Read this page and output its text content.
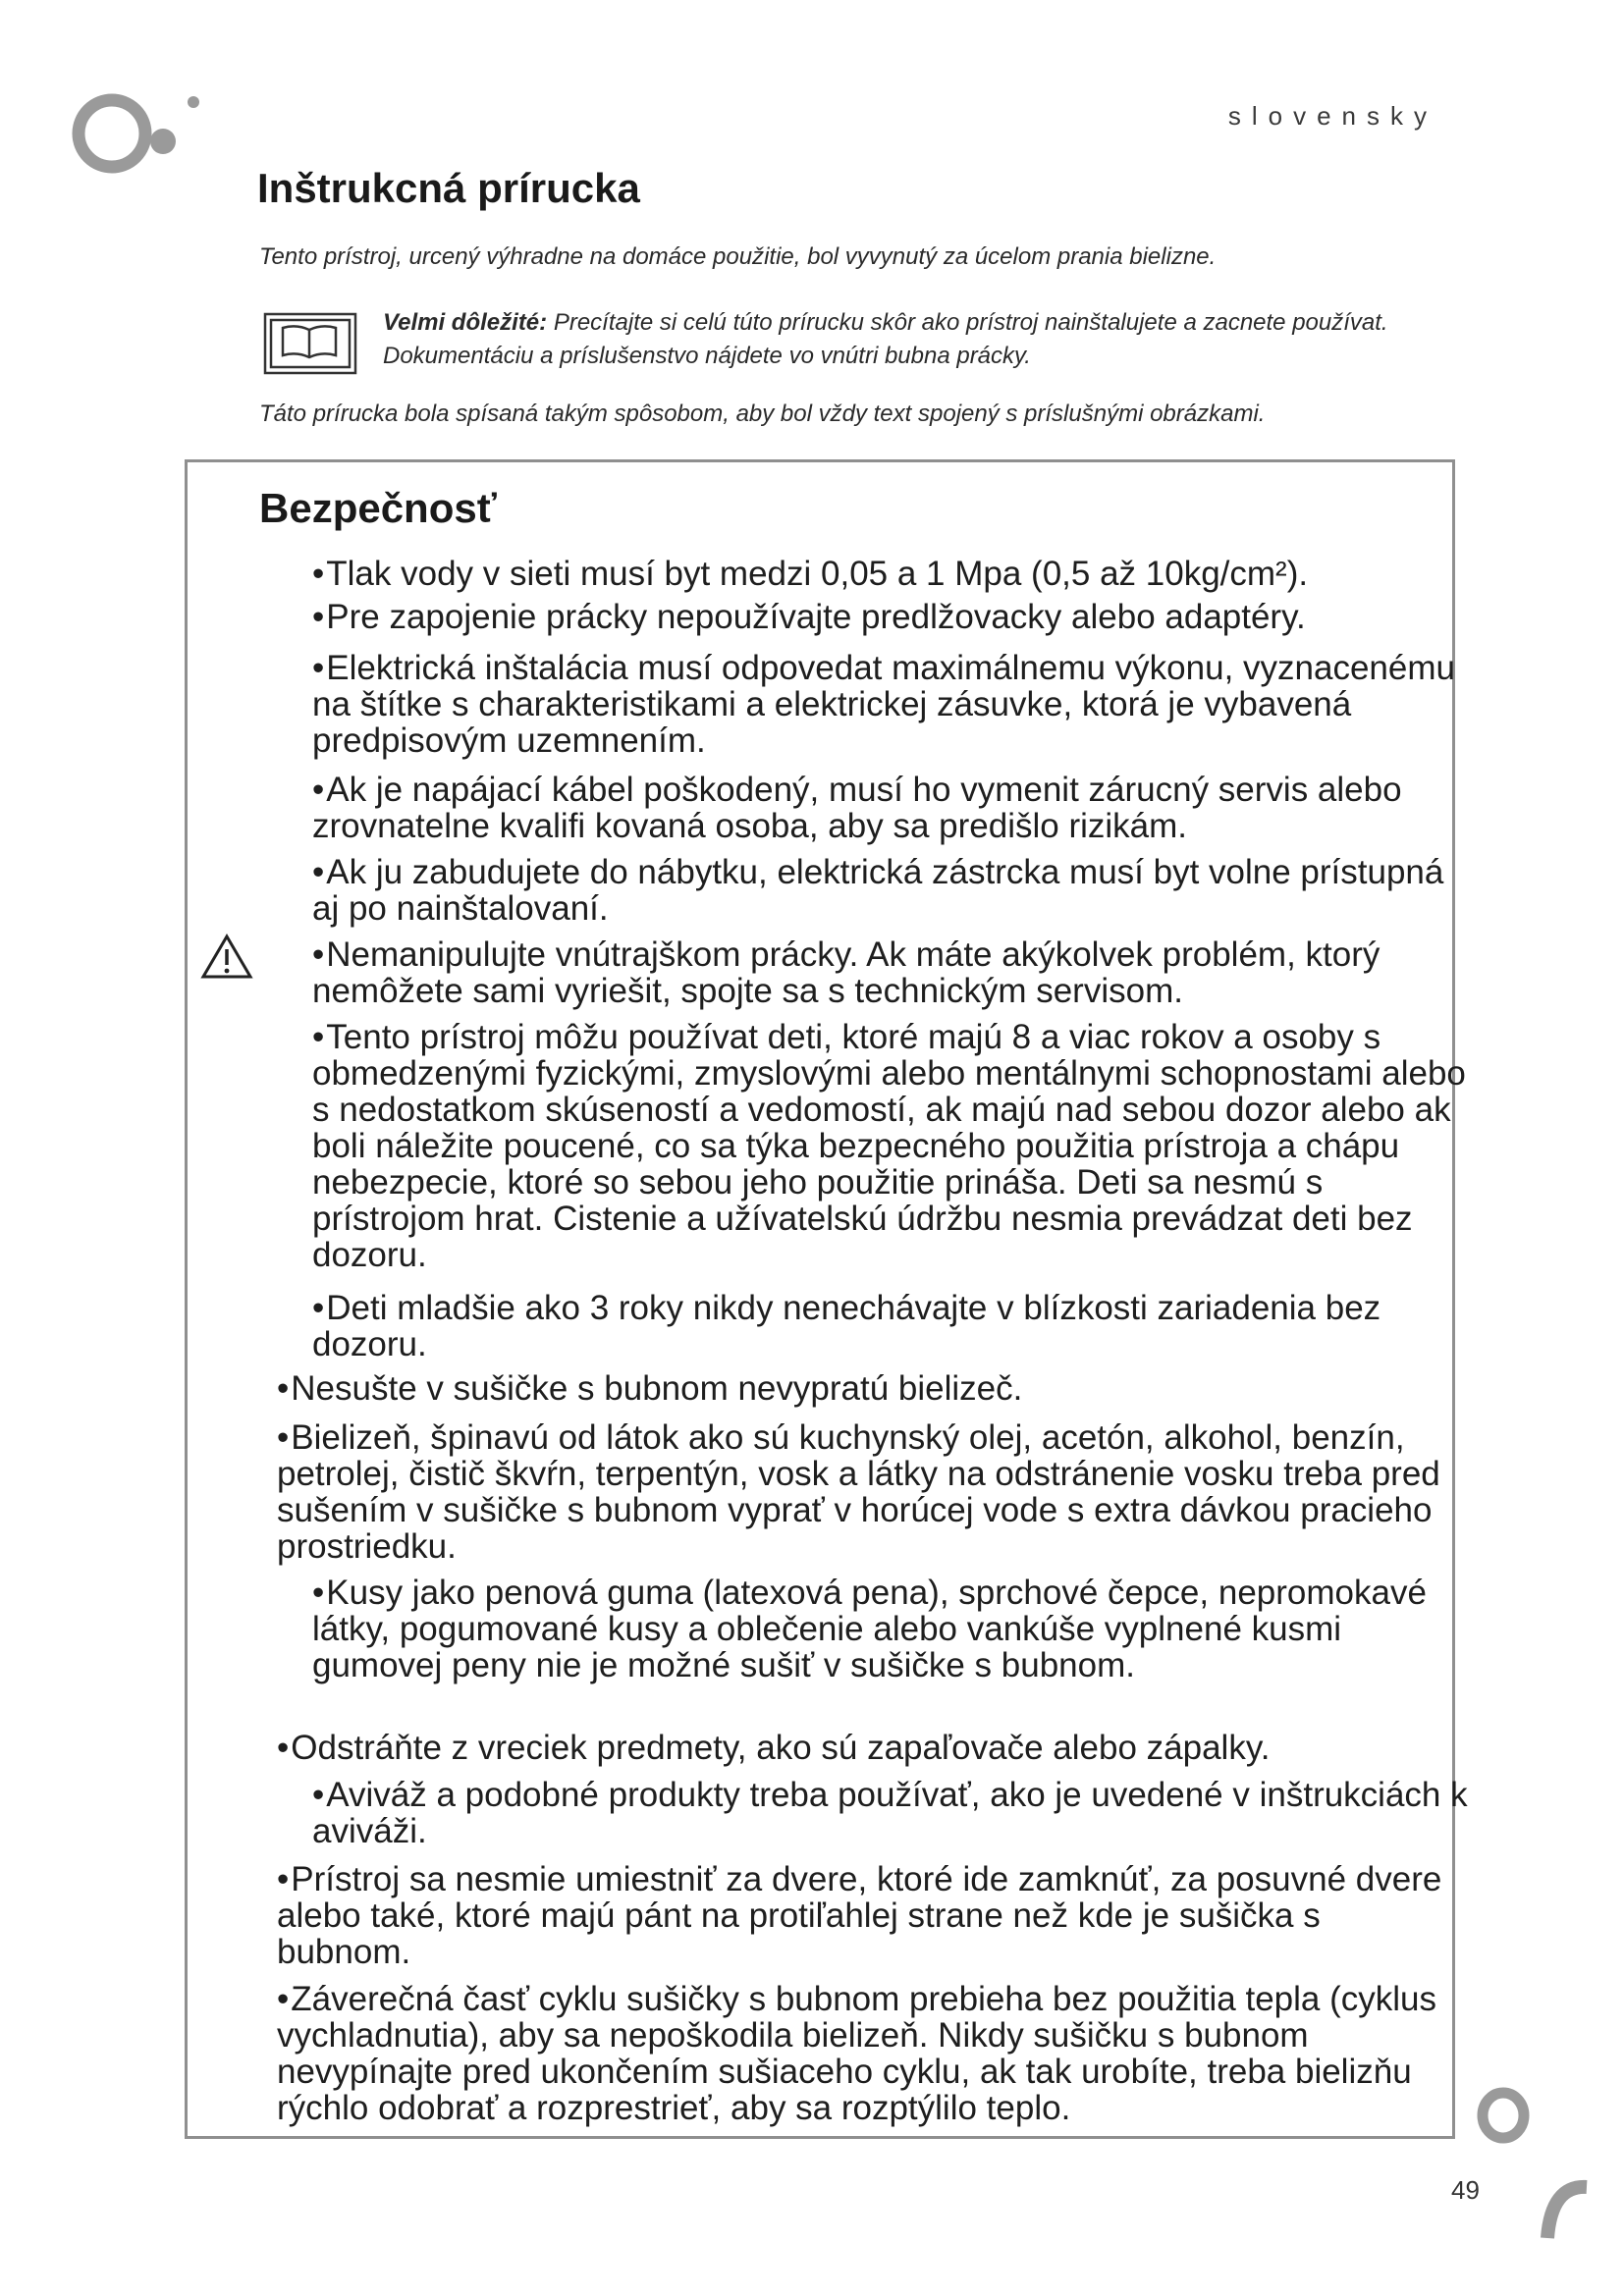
slovensky
Inštrukcná prírucka
Tento prístroj, urcený výhradne na domáce použitie, bol vyvynutý za úcelom prania bielizne.
Velmi dôležité: Precítajte si celú túto prírucku skôr ako prístroj nainštalujete a zacnete používat. Dokumentáciu a príslušenstvo nájdete vo vnútri bubna prácky.
Táto prírucka bola spísaná takým spôsobom, aby bol vždy text spojený s príslušnými obrázkami.
Bezpečnosť

•Tlak vody v sieti musí byt medzi 0,05 a 1 Mpa (0,5 až 10kg/cm²).

•Pre zapojenie prácky nepoužívajte predlžovacky alebo adaptéry.

•Elektrická inštalácia musí odpovedat maximálnemu výkonu, vyznacenému na štítke s charakteristikami a elektrickej zásuvke, ktorá je vybavená predpisovým uzemnením.

•Ak je napájací kábel poškodený, musí ho vymenit zárucný servis alebo zrovnatelne kvalifi kovaná osoba, aby sa predišlo rizikám.

•Ak ju zabudujete do nábytku, elektrická zástrcka musí byt volne prístupná aj po nainštalovaní.

•Nemanipulujte vnútrajškom prácky. Ak máte akýkolvek problém, ktorý nemôžete sami vyriešit, spojte sa s technickým servisom.

•Tento prístroj môžu používat deti, ktoré majú 8 a viac rokov a osoby s obmedzenými fyzickými, zmyslovými alebo mentálnymi schopnostami alebo s nedostatkom skúseností a vedomostí, ak majú nad sebou dozor alebo ak boli náležite poucené, co sa týka bezpecného použitia prístroja a chápu nebezpecie, ktoré so sebou jeho použitie prináša. Deti sa nesmú s prístrojom hrat. Cistenie a užívatelskú údržbu nesmia prevádzat deti bez dozoru.

•Deti mladšie ako 3 roky nikdy nenechávajte v blízkosti zariadenia bez dozoru.

•Nesušte v sušičke s bubnom nevypratú bielizeč.

•Bielizeň, špinavú od látok ako sú kuchynský olej, acetón, alkohol, benzín, petrolej, čistič škvŕn, terpentýn, vosk a látky na odstránenie vosku treba pred sušením v sušičke s bubnom vyprať v horúcej vode s extra dávkou pracieho prostriedku.

•Kusy jako penová guma (latexová pena), sprchové čepce, nepromokavé látky, pogumované kusy a oblečenie alebo vankúše vyplnené kusmi gumovej peny nie je možné sušiť v sušičke s bubnom.

•Odstráňte z vreciek predmety, ako sú zapaľovače alebo zápalky.

•Aviváž a podobné produkty treba používať, ako je uvedené v inštrukciách k aviváži.

•Prístroj sa nesmie umiestniť za dvere, ktoré ide zamknúť, za posuvné dvere alebo také, ktoré majú pánt na protiľahlej strane než kde je sušička s bubnom.

•Záverečná časť cyklu sušičky s bubnom prebieha bez použitia tepla (cyklus vychladnutia), aby sa nepoškodila bielizeň. Nikdy sušičku s bubnom nevypínajte pred ukončením sušiaceho cyklu, ak tak urobíte, treba bielizňu rýchlo odobrať a rozprestrieť, aby sa rozptýlilo teplo.

49
